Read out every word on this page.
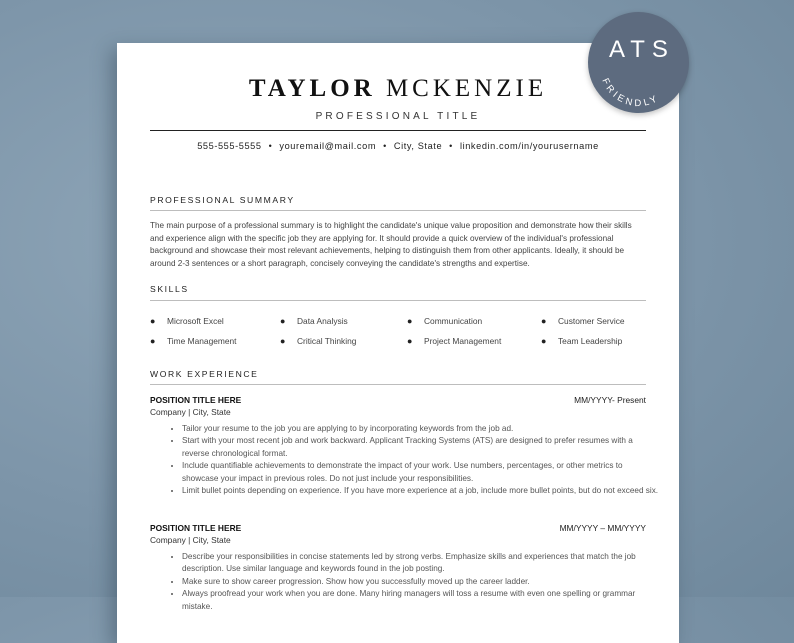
TAYLOR MCKENZIE
PROFESSIONAL TITLE
555-555-5555 • youremail@mail.com • City, State • linkedin.com/in/yourusername
PROFESSIONAL SUMMARY
The main purpose of a professional summary is to highlight the candidate's unique value proposition and demonstrate how their skills and experience align with the specific job they are applying for. It should provide a quick overview of the individual's professional background and showcase their most relevant achievements, helping to distinguish them from other applicants. Ideally, it should be around 2-3 sentences or a short paragraph, concisely conveying the candidate's strengths and expertise.
SKILLS
● Microsoft Excel	● Data Analysis	● Communication	● Customer Service
● Time Management	● Critical Thinking	● Project Management	● Team Leadership
WORK EXPERIENCE
POSITION TITLE HERE	MM/YYYY- Present
Company | City, State
• Tailor your resume to the job you are applying to by incorporating keywords from the job ad.
• Start with your most recent job and work backward. Applicant Tracking Systems (ATS) are designed to prefer resumes with a reverse chronological format.
• Include quantifiable achievements to demonstrate the impact of your work. Use numbers, percentages, or other metrics to showcase your impact in previous roles. Do not just include your responsibilities.
• Limit bullet points depending on experience. If you have more experience at a job, include more bullet points, but do not exceed six.
POSITION TITLE HERE	MM/YYYY – MM/YYYY
Company | City, State
• Describe your responsibilities in concise statements led by strong verbs. Emphasize skills and experiences that match the job description. Use similar language and keywords found in the job posting.
• Make sure to show career progression. Show how you successfully moved up the career ladder.
• Always proofread your work when you are done. Many hiring managers will toss a resume with even one spelling or grammar mistake.
ATS
FRIENDLY
